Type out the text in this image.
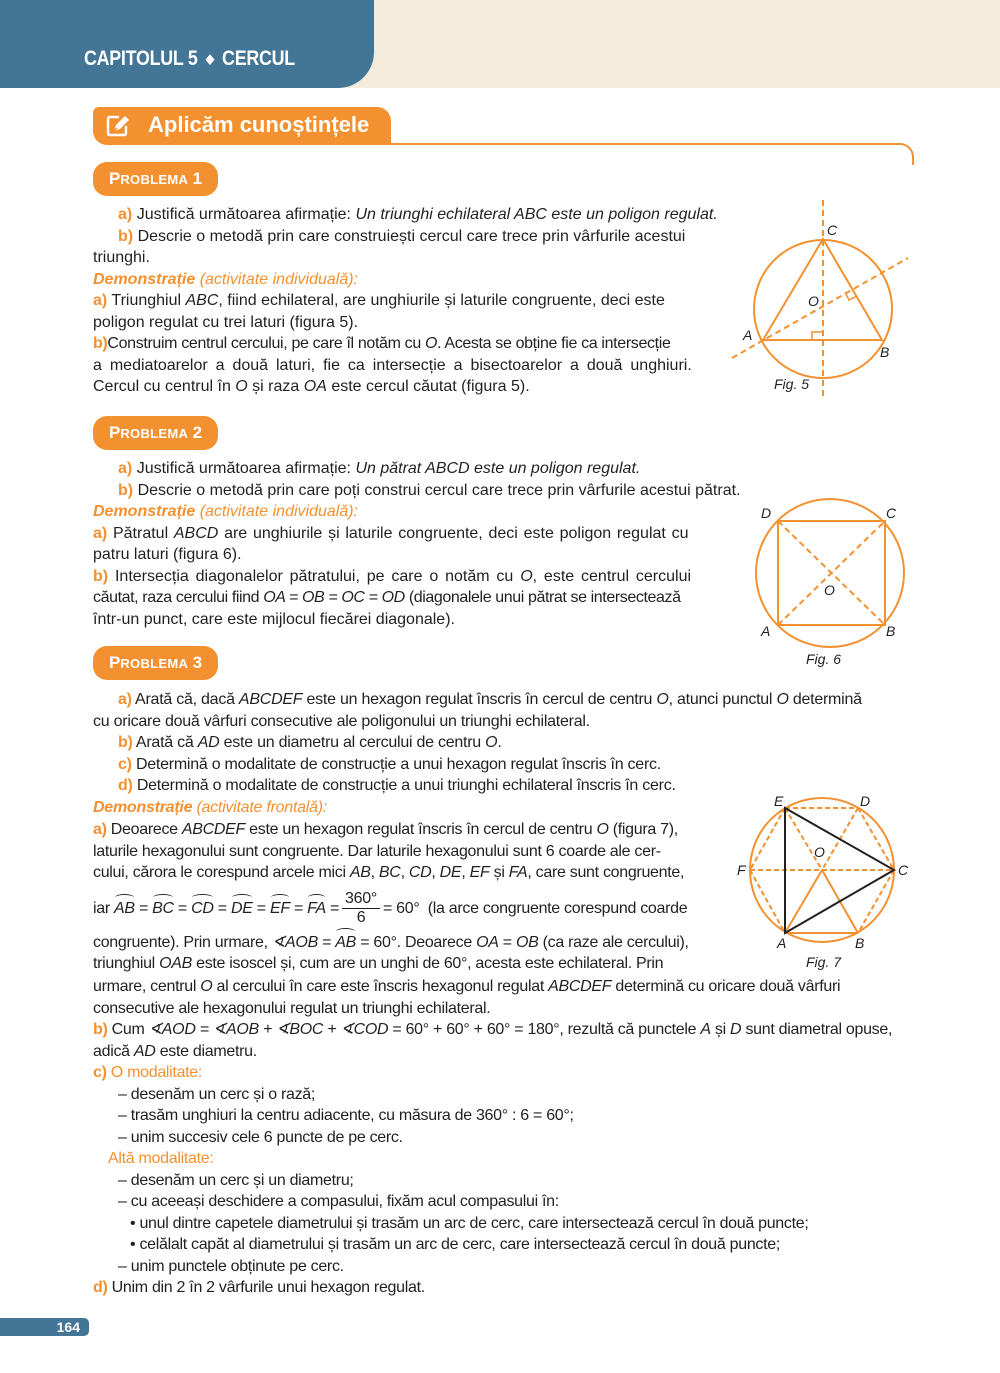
CAPITOLUL 5 ◆ CERCUL
Aplicăm cunoștințele
P ROBLEMA
1
a) Justifică următoarea afirmație: Un triunghi echilateral ABC este un poligon regulat.
b) Descrie o metodă prin care construiești cercul care trece prin vârfurile acestui
triunghi.
Demonstrație (activitate individuală):
a) Triunghiul ABC, fiind echilateral, are unghiurile și laturile congruente, deci este
poligon regulat cu trei laturi (figura 5).
b)Construim centrul cercului, pe care îl notăm cu O. Acesta se obține fie ca intersecție
a mediatoarelor a două laturi, fie ca intersecție a bisectoarelor a două unghiuri.
Cercul cu centrul în O și raza OA este cercul căutat (figura 5).
A
B
C
O
Fig. 5
P ROBLEMA
2
a) Justifică următoarea afirmație: Un pătrat ABCD este un poligon regulat.
b) Descrie o metodă prin care poți construi cercul care trece prin vârfurile acestui pătrat.
Demonstrație (activitate individuală):
a) Pătratul ABCD are unghiurile și laturile congruente, deci este poligon regulat cu
patru laturi (figura 6).
b) Intersecția diagonalelor pătratului, pe care o notăm cu O, este centrul cercului
căutat, raza cercului fiind OA = OB = OC = OD (diagonalele unui pătrat se intersectează
într-un punct, care este mijlocul fiecărei diagonale).
A	B
C
D
O
Fig. 6
P ROBLEMA
3
a) Arată că, dacă ABCDEF este un hexagon regulat înscris în cercul de centru O, atunci punctul O determină
cu oricare două vârfuri consecutive ale poligonului un triunghi echilateral.
b) Arată că AD este un diametru al cercului de centru O.
c) Determină o modalitate de construcție a unui hexagon regulat înscris în cerc.
d) Determină o modalitate de construcție a unui triunghi echilateral înscris în cerc.
Demonstrație (activitate frontală):
a) Deoarece ABCDEF este un hexagon regulat înscris în cercul de centru O (figura 7),
laturile hexagonului sunt congruente. Dar laturile hexagonului sunt 6 coarde ale cer-
cului, cărora le corespund arcele mici AB, BC, CD, DE, EF și FA, care sunt congruente,
iar
AB = BC = CD = DE = EF = FA = $\frac{360^\circ}{6} = 60^\circ$
(la arce congruente corespund coarde
congruente). Prin urmare, ∢AOB = AB = 60°. Deoarece OA = OB (ca raze ale cercului),
triunghiul OAB este isoscel și, cum are un unghi de 60°, acesta este echilateral. Prin
urmare, centrul O al cercului în care este înscris hexagonul regulat ABCDEF determină cu oricare două vârfuri
consecutive ale hexagonului regulat un triunghi echilateral.
b) Cum ∢AOD = ∢AOB + ∢BOC + ∢COD = 60° + 60° + 60° = 180°, rezultă că punctele A și D sunt diametral opuse,
adică AD este diametru.
c) O modalitate:
– desenăm un cerc și o rază;
– trasăm unghiuri la centru adiacente, cu măsura de 360° : 6 = 60°;
– unim succesiv cele 6 puncte de pe cerc.
Altă modalitate:
– desenăm un cerc și un diametru;
– cu aceeași deschidere a compasului, fixăm acul compasului în:
• unul dintre capetele diametrului și trasăm un arc de cerc, care intersectează cercul în două puncte;
• celălalt capăt al diametrului și trasăm un arc de cerc, care intersectează cercul în două puncte;
– unim punctele obținute pe cerc.
d) Unim din 2 în 2 vârfurile unui hexagon regulat.
A	B
C
D
E
F
O
Fig. 7
164
